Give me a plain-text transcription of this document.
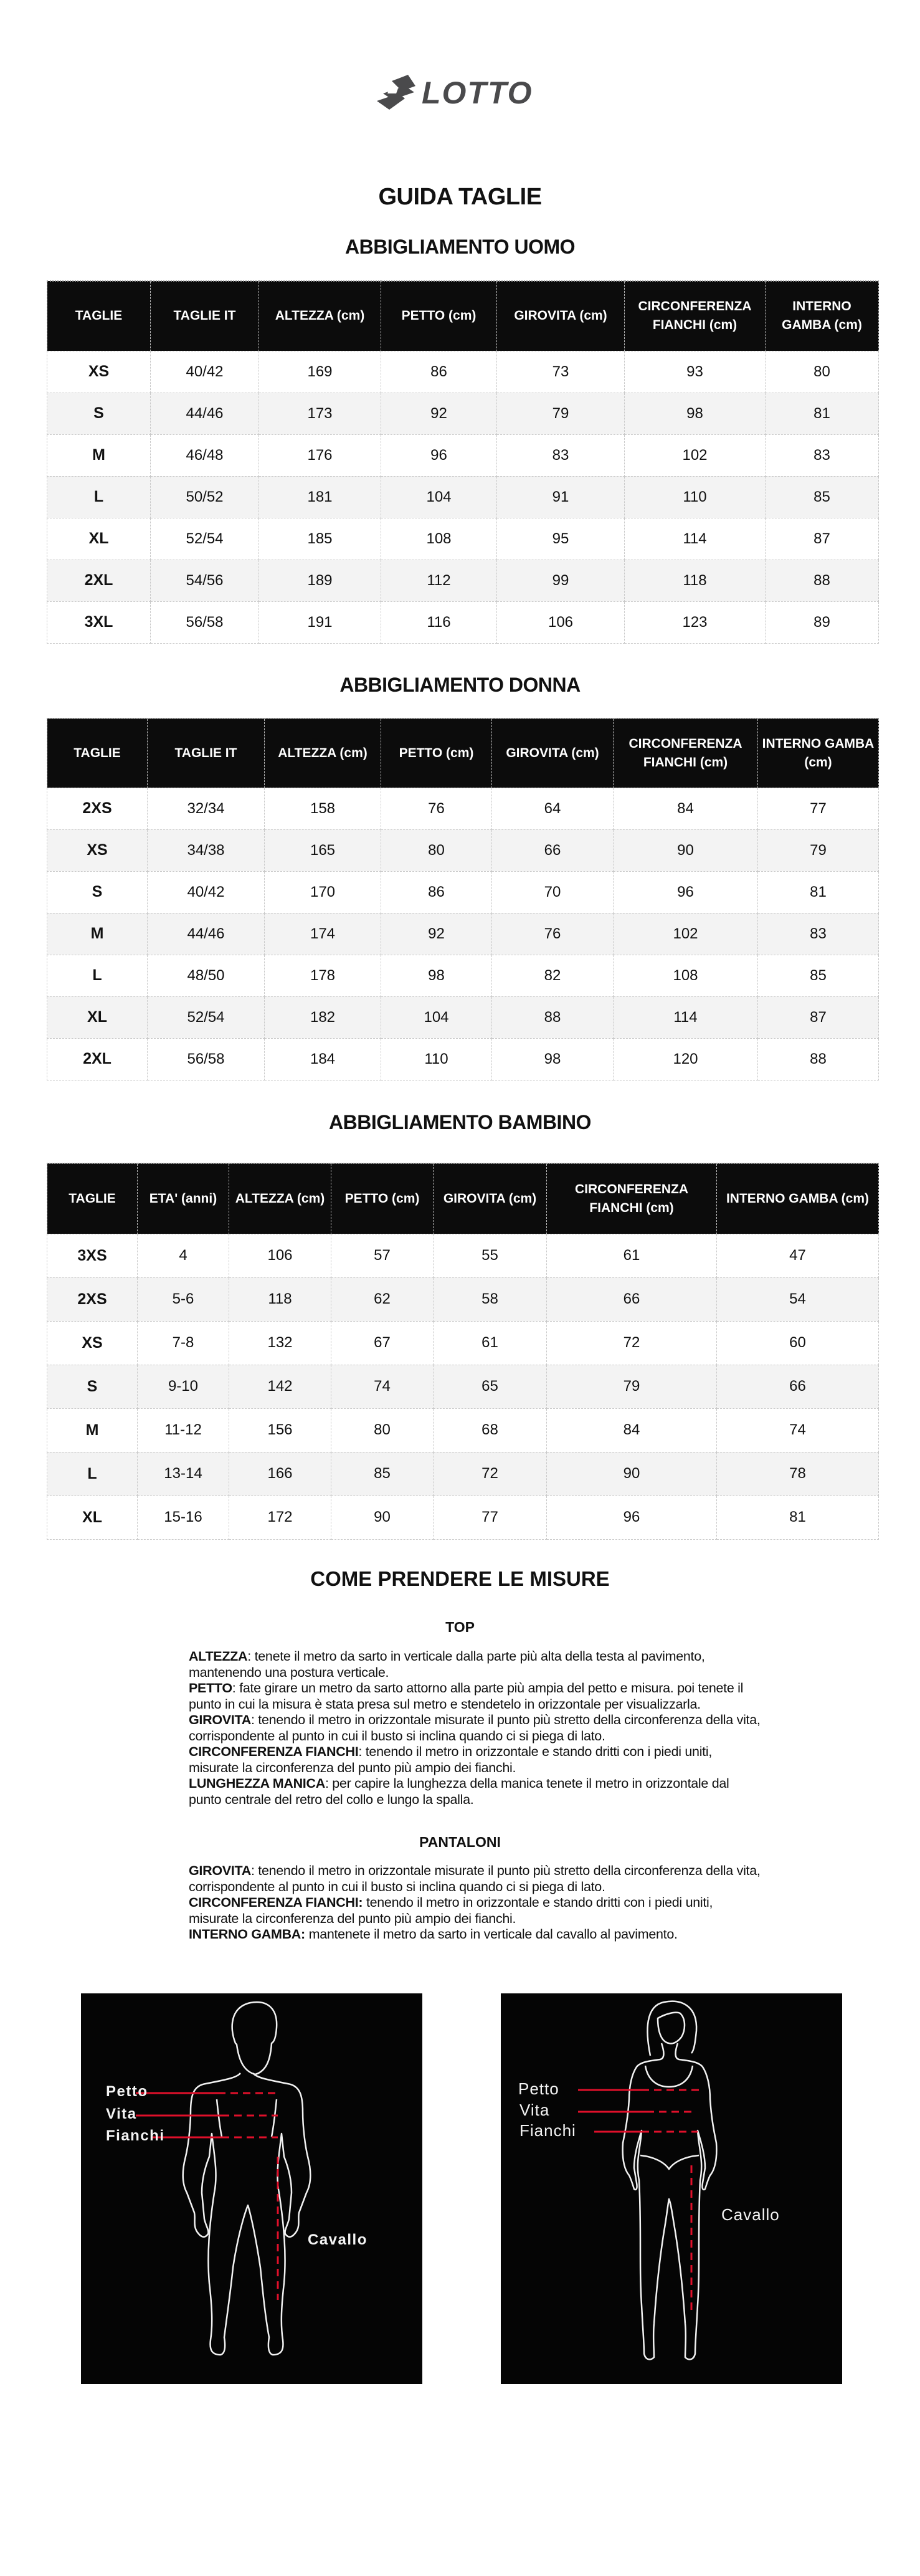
LOTTO
GUIDA TAGLIE
ABBIGLIAMENTO UOMO
TAGLIE	TAGLIE IT	ALTEZZA (cm)	PETTO (cm)	GIROVITA (cm)	CIRCONFERENZA FIANCHI (cm)	INTERNO GAMBA (cm)
XS	40/42	169	86	73	93	80
S	44/46	173	92	79	98	81
M	46/48	176	96	83	102	83
L	50/52	181	104	91	110	85
XL	52/54	185	108	95	114	87
2XL	54/56	189	112	99	118	88
3XL	56/58	191	116	106	123	89
ABBIGLIAMENTO DONNA
TAGLIE	TAGLIE IT	ALTEZZA (cm)	PETTO (cm)	GIROVITA (cm)	CIRCONFERENZA FIANCHI (cm)	INTERNO GAMBA (cm)
2XS	32/34	158	76	64	84	77
XS	34/38	165	80	66	90	79
S	40/42	170	86	70	96	81
M	44/46	174	92	76	102	83
L	48/50	178	98	82	108	85
XL	52/54	182	104	88	114	87
2XL	56/58	184	110	98	120	88
ABBIGLIAMENTO BAMBINO
TAGLIE	ETA' (anni)	ALTEZZA (cm)	PETTO (cm)	GIROVITA (cm)	CIRCONFERENZA FIANCHI (cm)	INTERNO GAMBA (cm)
3XS	4	106	57	55	61	47
2XS	5-6	118	62	58	66	54
XS	7-8	132	67	61	72	60
S	9-10	142	74	65	79	66
M	11-12	156	80	68	84	74
L	13-14	166	85	72	90	78
XL	15-16	172	90	77	96	81
COME PRENDERE LE MISURE
TOP

ALTEZZA: tenete il metro da sarto in verticale dalla parte più alta della testa al pavimento, mantenendo una postura verticale.

PETTO: fate girare un metro da sarto attorno alla parte più ampia del petto e misura. poi tenete il punto in cui la misura è stata presa sul metro e stendetelo in orizzontale per visualizzarla.

GIROVITA: tenendo il metro in orizzontale misurate il punto più stretto della circonferenza della vita, corrispondente al punto in cui il busto si inclina quando ci si piega di lato.

CIRCONFERENZA FIANCHI: tenendo il metro in orizzontale e stando dritti con i piedi uniti, misurate la circonferenza del punto più ampio dei fianchi.

LUNGHEZZA MANICA: per capire la lunghezza della manica tenete il metro in orizzontale dal punto centrale del retro del collo e lungo la spalla.

PANTALONI

GIROVITA: tenendo il metro in orizzontale misurate il punto più stretto della circonferenza della vita, corrispondente al punto in cui il busto si inclina quando ci si piega di lato.

CIRCONFERENZA FIANCHI: tenendo il metro in orizzontale e stando dritti con i piedi uniti, misurate la circonferenza del punto più ampio dei fianchi.

INTERNO GAMBA: mantenete il metro da sarto in verticale dal cavallo al pavimento.

Petto
Vita
Fianchi
Cavallo
Petto
Vita
Fianchi
Cavallo
